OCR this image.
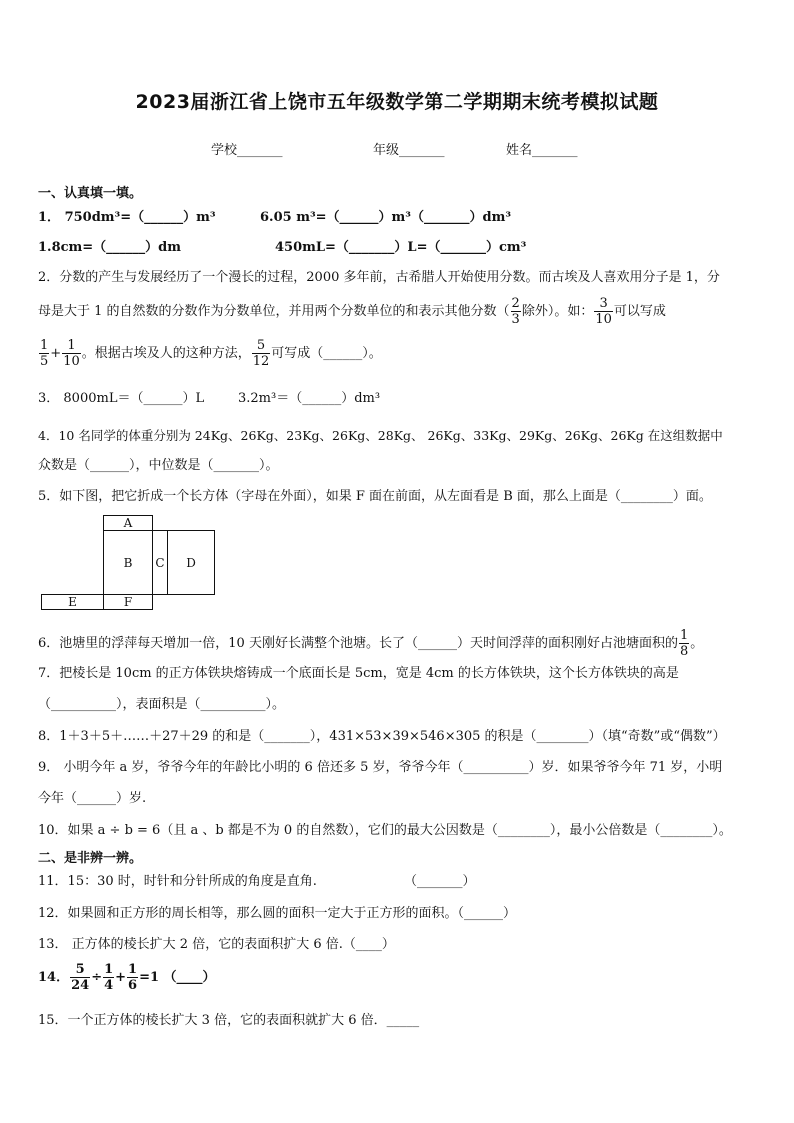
2023届浙江省上饶市五年级数学第二学期期末统考模拟试题
学校_______	年级_______	姓名_______
一、认真填一填。
1． 750dm³=（______）m³	6.05 m³=（______）m³（_______）dm³
1.8cm=（______）dm	450mL=（_______）L=（_______）cm³
2．分数的产生与发展经历了一个漫长的过程，2000 多年前，古希腊人开始使用分数。而古埃及人喜欢用分子是 1，分
母是大于 1 的自然数的分数作为分数单位，并用两个分数单位的和表示其他分数（ $\frac{2}{3}$ 除外）。如： $\frac{3}{10}$ 可以写成
$\frac{1}{5} + \frac{1}{10}$ 。根据古埃及人的这种方法， $\frac{5}{12}$ 可写成（______）。
3． 8000mL＝（______）L	3.2m³＝（______）dm³
4．10 名同学的体重分别为 24Kg、26Kg、23Kg、26Kg、28Kg、 26Kg、33Kg、29Kg、26Kg、26Kg 在这组数据中
众数是（______），中位数是（_______）。
5．如下图，把它折成一个长方体（字母在外面），如果 F 面在前面，从左面看是 B 面，那么上面是（________）面。
A
B	C	D
E	F
6．池塘里的浮萍每天增加一倍，10 天刚好长满整个池塘。长了（______）天时间浮萍的面积刚好占池塘面积的 $\frac{1}{8}$ 。
7．把棱长是 10cm 的正方体铁块熔铸成一个底面长是 5cm，宽是 4cm 的长方体铁块，这个长方体铁块的高是
（__________），表面积是（__________）。
8．1＋3＋5＋……＋27＋29 的和是（_______），431×53×39×546×305 的积是（________）（填“奇数”或“偶数”）
9． 小明今年 a 岁，爷爷今年的年龄比小明的 6 倍还多 5 岁，爷爷今年（__________）岁．如果爷爷今年 71 岁，小明
今年（______）岁.
10．如果 a ÷ b = 6（且 a 、b 都是不为 0 的自然数），它们的最大公因数是（________），最小公倍数是（________）。
二、是非辨一辨。
11．15：30 时，时针和分针所成的角度是直角.	（_______）
12．如果圆和正方形的周长相等，那么圆的面积一定大于正方形的面积。（______）
13． 正方体的棱长扩大 2 倍，它的表面积扩大 6 倍.（____）
14． $\frac{5}{24} \div \frac{1}{4} + \frac{1}{6} =1$ （____）
15．一个正方体的棱长扩大 3 倍，它的表面积就扩大 6 倍．_____
